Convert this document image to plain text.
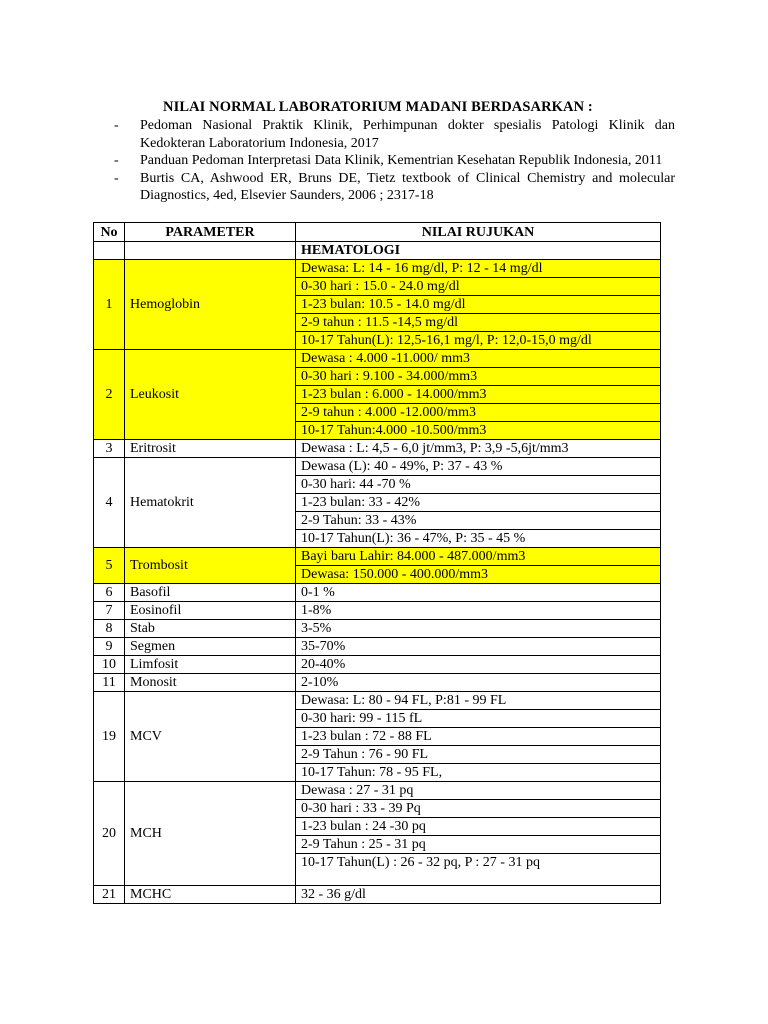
NILAI NORMAL LABORATORIUM MADANI BERDASARKAN :
- Pedoman Nasional Praktik Klinik, Perhimpunan dokter spesialis Patologi Klinik dan Kedokteran Laboratorium Indonesia, 2017
- Panduan Pedoman Interpretasi Data Klinik, Kementrian Kesehatan Republik Indonesia, 2011
- Burtis CA, Ashwood ER, Bruns DE, Tietz textbook of Clinical Chemistry and molecular Diagnostics, 4ed, Elsevier Saunders, 2006 ; 2317-18
No	PARAMETER	NILAI RUJUKAN
		HEMATOLOGI
1	Hemoglobin	Dewasa: L: 14 - 16 mg/dl, P: 12 - 14 mg/dl
		0-30 hari : 15.0 - 24.0 mg/dl
		1-23 bulan: 10.5 - 14.0 mg/dl
		2-9 tahun : 11.5 -14,5 mg/dl
		10-17 Tahun(L): 12,5-16,1 mg/l, P: 12,0-15,0 mg/dl
2	Leukosit	Dewasa : 4.000 -11.000/ mm3
		0-30 hari : 9.100 - 34.000/mm3
		1-23 bulan : 6.000 - 14.000/mm3
		2-9 tahun : 4.000 -12.000/mm3
		10-17 Tahun:4.000 -10.500/mm3
3	Eritrosit	Dewasa : L: 4,5 - 6,0 jt/mm3, P: 3,9 -5,6jt/mm3
4	Hematokrit	Dewasa (L): 40 - 49%, P: 37 - 43 %
		0-30 hari: 44 -70 %
		1-23 bulan: 33 - 42%
		2-9 Tahun: 33 - 43%
		10-17 Tahun(L): 36 - 47%, P: 35 - 45 %
5	Trombosit	Bayi baru Lahir: 84.000 - 487.000/mm3
		Dewasa: 150.000 - 400.000/mm3
6	Basofil	0-1 %
7	Eosinofil	1-8%
8	Stab	3-5%
9	Segmen	35-70%
10	Limfosit	20-40%
11	Monosit	2-10%
19	MCV	Dewasa: L: 80 - 94 FL, P:81 - 99 FL
		0-30 hari: 99 - 115 fL
		1-23 bulan : 72 - 88 FL
		2-9 Tahun : 76 - 90 FL
		10-17 Tahun: 78 - 95 FL,
20	MCH	Dewasa : 27 - 31 pq
		0-30 hari : 33 - 39 Pq
		1-23 bulan : 24 -30 pq
		2-9 Tahun : 25 - 31 pq
		10-17 Tahun(L) : 26 - 32 pq, P : 27 - 31 pq
21	MCHC	32 - 36 g/dl
